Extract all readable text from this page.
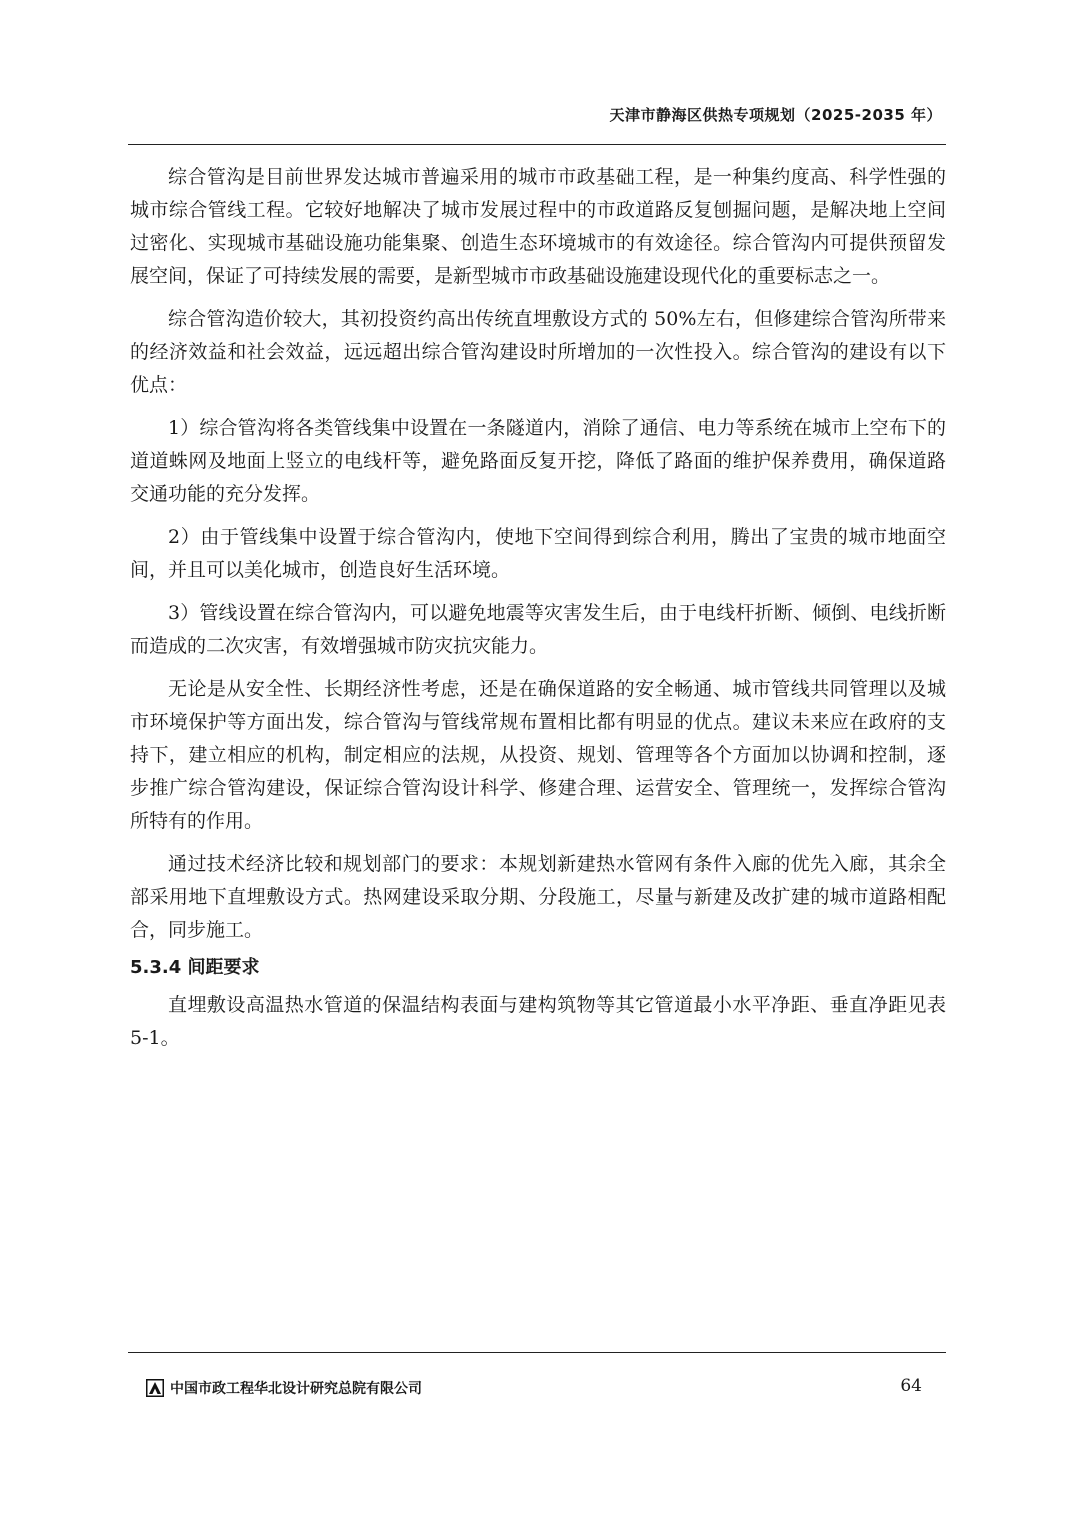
天津市静海区供热专项规划（2025-2035 年）

综合管沟是目前世界发达城市普遍采用的城市市政基础工程，是一种集约度高、科学性强的城市综合管线工程。它较好地解决了城市发展过程中的市政道路反复刨掘问题，是解决地上空间过密化、实现城市基础设施功能集聚、创造生态环境城市的有效途径。综合管沟内可提供预留发展空间，保证了可持续发展的需要，是新型城市市政基础设施建设现代化的重要标志之一。

综合管沟造价较大，其初投资约高出传统直埋敷设方式的 50%左右，但修建综合管沟所带来的经济效益和社会效益，远远超出综合管沟建设时所增加的一次性投入。综合管沟的建设有以下优点：

1）综合管沟将各类管线集中设置在一条隧道内，消除了通信、电力等系统在城市上空布下的道道蛛网及地面上竖立的电线杆等，避免路面反复开挖，降低了路面的维护保养费用，确保道路交通功能的充分发挥。

2）由于管线集中设置于综合管沟内，使地下空间得到综合利用，腾出了宝贵的城市地面空间，并且可以美化城市，创造良好生活环境。

3）管线设置在综合管沟内，可以避免地震等灾害发生后，由于电线杆折断、倾倒、电线折断而造成的二次灾害，有效增强城市防灾抗灾能力。

无论是从安全性、长期经济性考虑，还是在确保道路的安全畅通、城市管线共同管理以及城市环境保护等方面出发，综合管沟与管线常规布置相比都有明显的优点。建议未来应在政府的支持下，建立相应的机构，制定相应的法规，从投资、规划、管理等各个方面加以协调和控制，逐步推广综合管沟建设，保证综合管沟设计科学、修建合理、运营安全、管理统一，发挥综合管沟所特有的作用。

通过技术经济比较和规划部门的要求：本规划新建热水管网有条件入廊的优先入廊，其余全部采用地下直埋敷设方式。热网建设采取分期、分段施工，尽量与新建及改扩建的城市道路相配合，同步施工。

5.3.4 间距要求

直埋敷设高温热水管道的保温结构表面与建构筑物等其它管道最小水平净距、垂直净距见表 5-1。

中国市政工程华北设计研究总院有限公司	64
